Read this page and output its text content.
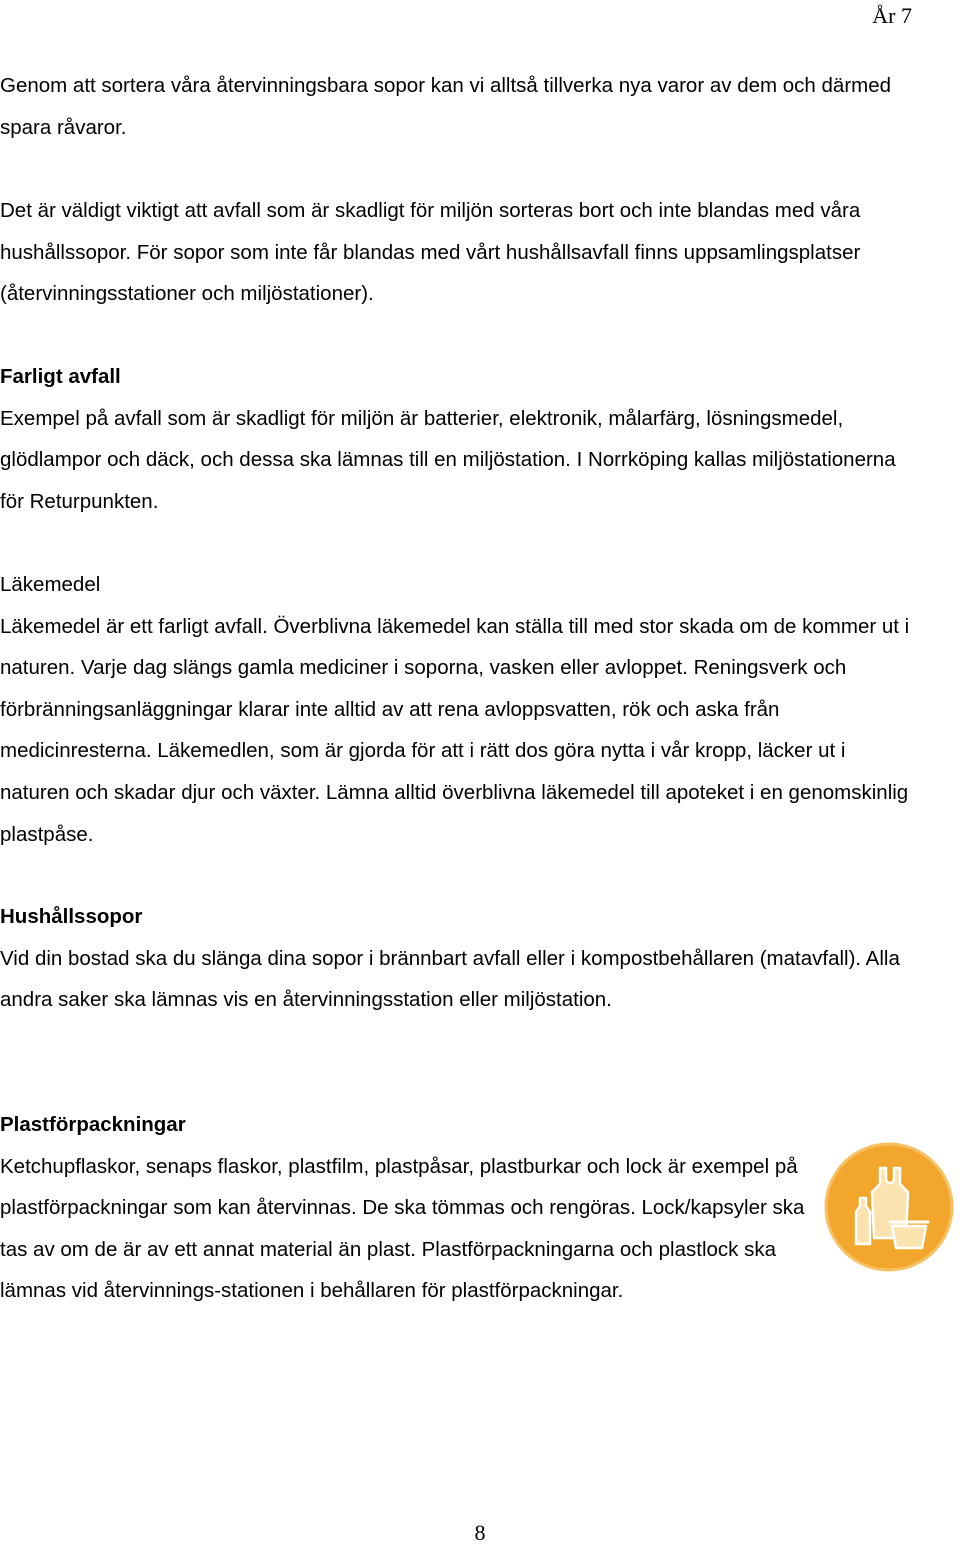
År 7

Genom att sortera våra återvinningsbara sopor kan vi alltså tillverka nya varor av dem och därmed spara råvaror.

Det är väldigt viktigt att avfall som är skadligt för miljön sorteras bort och inte blandas med våra hushållssopor. För sopor som inte får blandas med vårt hushållsavfall finns uppsamlingsplatser (återvinningsstationer och miljöstationer).

Farligt avfall

Exempel på avfall som är skadligt för miljön är batterier, elektronik, målarfärg, lösningsmedel, glödlampor och däck, och dessa ska lämnas till en miljöstation. I Norrköping kallas miljöstationerna för Returpunkten.

Läkemedel

Läkemedel är ett farligt avfall. Överblivna läkemedel kan ställa till med stor skada om de kommer ut i naturen. Varje dag slängs gamla mediciner i soporna, vasken eller avloppet. Reningsverk och förbränningsanläggningar klarar inte alltid av att rena avloppsvatten, rök och aska från medicinresterna. Läkemedlen, som är gjorda för att i rätt dos göra nytta i vår kropp, läcker ut i naturen och skadar djur och växter. Lämna alltid överblivna läkemedel till apoteket i en genomskinlig plastpåse.

Hushållssopor

Vid din bostad ska du slänga dina sopor i brännbart avfall eller i kompostbehållaren (matavfall). Alla andra saker ska lämnas vis en återvinningsstation eller miljöstation.

Plastförpackningar

Ketchupflaskor, senaps flaskor, plastfilm, plastpåsar, plastburkar och lock är exempel på plastförpackningar som kan återvinnas. De ska tömmas och rengöras. Lock/kapsyler ska tas av om de är av ett annat material än plast. Plastförpackningarna och plastlock ska lämnas vid återvinnings-stationen i behållaren för plastförpackningar.

8
